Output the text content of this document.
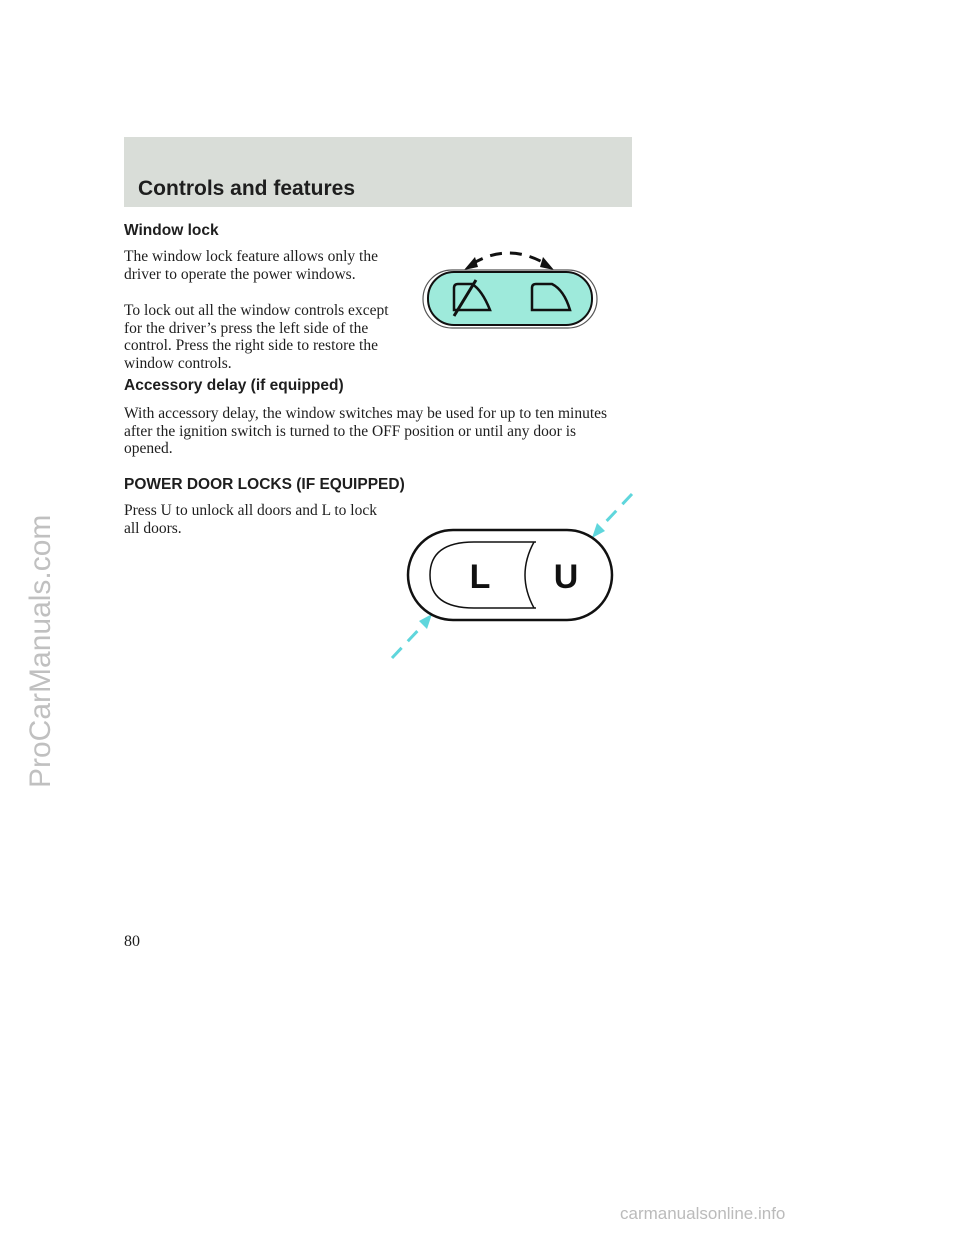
ProCarManuals.com
Controls and features
Window lock

The window lock feature allows only the driver to operate the power windows.

To lock out all the window controls except for the driver’s press the left side of the control. Press the right side to restore the window controls.

Accessory delay (if equipped)

With accessory delay, the window switches may be used for up to ten minutes after the ignition switch is turned to the OFF position or until any door is opened.

POWER DOOR LOCKS (IF EQUIPPED)

Press U to unlock all doors and L to lock all doors.

L U

80

carmanualsonline.info
